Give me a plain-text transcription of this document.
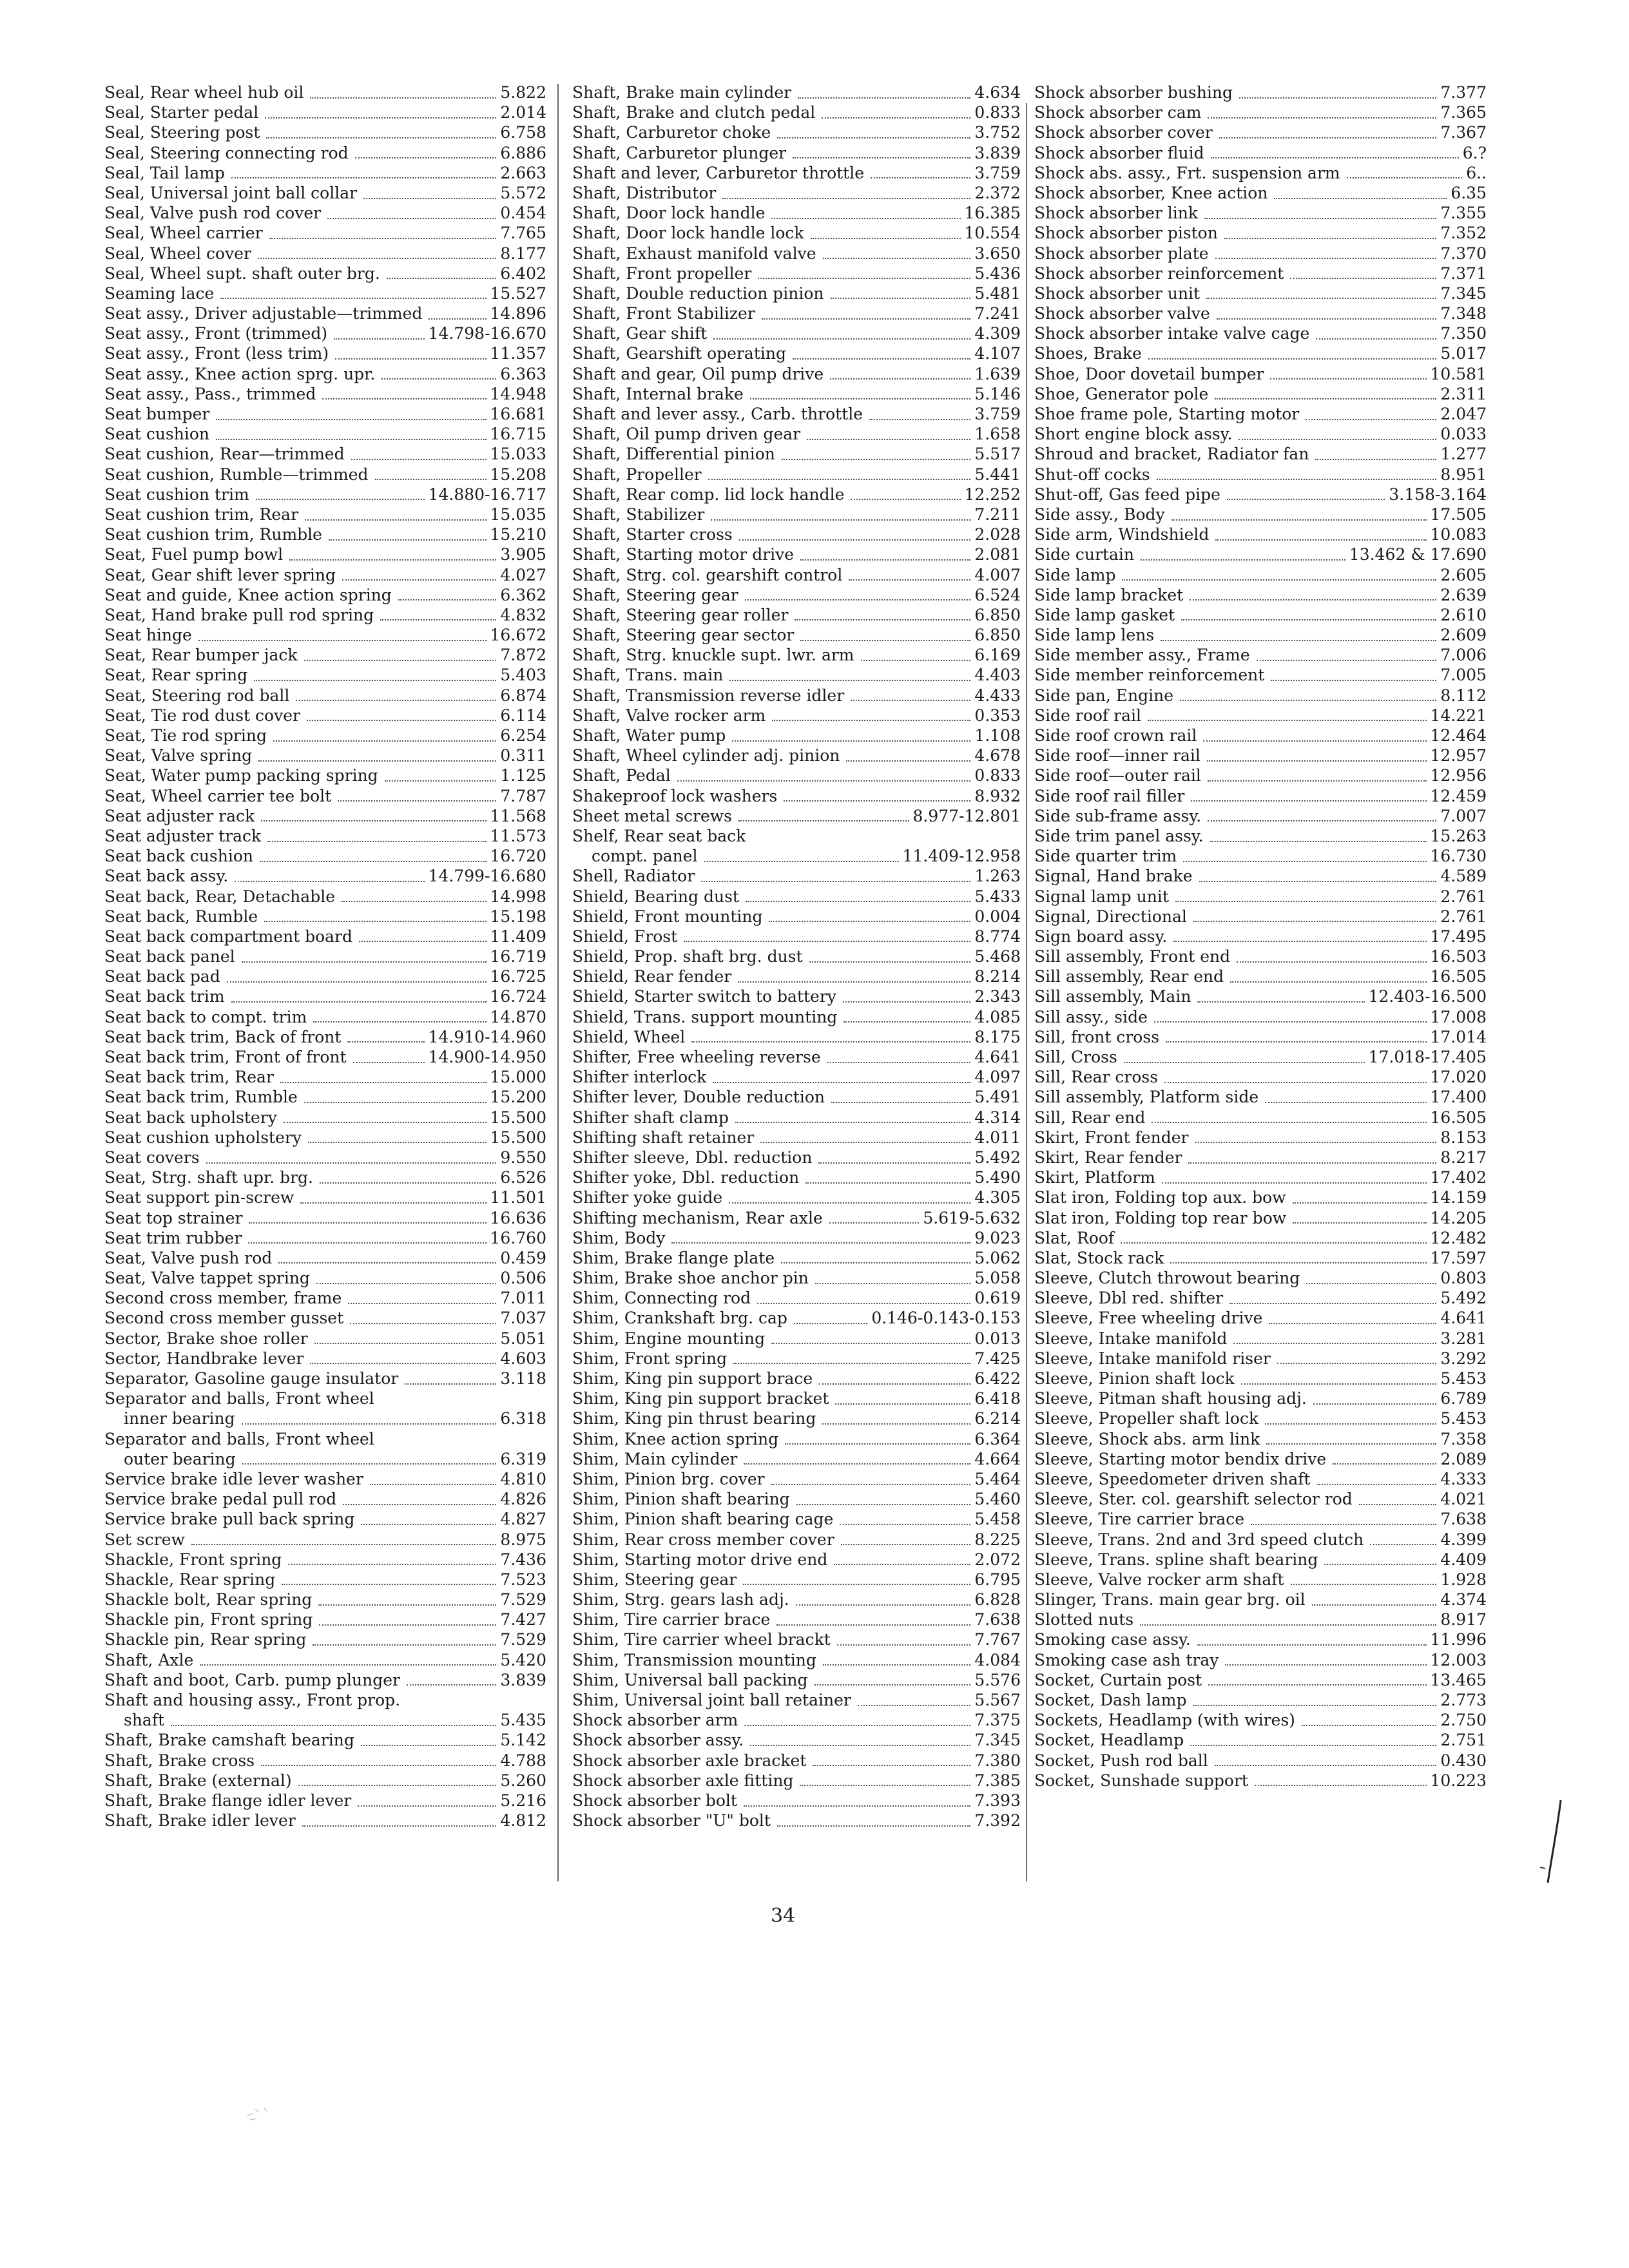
Seal, Rear wheel hub oil	5.822
Seal, Starter pedal	2.014
Seal, Steering post	6.758
Seal, Steering connecting rod	6.886
Seal, Tail lamp	2.663
Seal, Universal joint ball collar	5.572
Seal, Valve push rod cover	0.454
Seal, Wheel carrier	7.765
Seal, Wheel cover	8.177
Seal, Wheel supt. shaft outer brg.	6.402
Seaming lace	15.527
Seat assy., Driver adjustable—trimmed	14.896
Seat assy., Front (trimmed)	14.798-16.670
Seat assy., Front (less trim)	11.357
Seat assy., Knee action sprg. upr.	6.363
Seat assy., Pass., trimmed	14.948
Seat bumper	16.681
Seat cushion	16.715
Seat cushion, Rear—trimmed	15.033
Seat cushion, Rumble—trimmed	15.208
Seat cushion trim	14.880-16.717
Seat cushion trim, Rear	15.035
Seat cushion trim, Rumble	15.210
Seat, Fuel pump bowl	3.905
Seat, Gear shift lever spring	4.027
Seat and guide, Knee action spring	6.362
Seat, Hand brake pull rod spring	4.832
Seat hinge	16.672
Seat, Rear bumper jack	7.872
Seat, Rear spring	5.403
Seat, Steering rod ball	6.874
Seat, Tie rod dust cover	6.114
Seat, Tie rod spring	6.254
Seat, Valve spring	0.311
Seat, Water pump packing spring	1.125
Seat, Wheel carrier tee bolt	7.787
Seat adjuster rack	11.568
Seat adjuster track	11.573
Seat back cushion	16.720
Seat back assy.	14.799-16.680
Seat back, Rear, Detachable	14.998
Seat back, Rumble	15.198
Seat back compartment board	11.409
Seat back panel	16.719
Seat back pad	16.725
Seat back trim	16.724
Seat back to compt. trim	14.870
Seat back trim, Back of front	14.910-14.960
Seat back trim, Front of front	14.900-14.950
Seat back trim, Rear	15.000
Seat back trim, Rumble	15.200
Seat back upholstery	15.500
Seat cushion upholstery	15.500
Seat covers	9.550
Seat, Strg. shaft upr. brg.	6.526
Seat support pin-screw	11.501
Seat top strainer	16.636
Seat trim rubber	16.760
Seat, Valve push rod	0.459
Seat, Valve tappet spring	0.506
Second cross member, frame	7.011
Second cross member gusset	7.037
Sector, Brake shoe roller	5.051
Sector, Handbrake lever	4.603
Separator, Gasoline gauge insulator	3.118
Separator and balls, Front wheel
inner bearing	6.318
Separator and balls, Front wheel
outer bearing	6.319
Service brake idle lever washer	4.810
Service brake pedal pull rod	4.826
Service brake pull back spring	4.827
Set screw	8.975
Shackle, Front spring	7.436
Shackle, Rear spring	7.523
Shackle bolt, Rear spring	7.529
Shackle pin, Front spring	7.427
Shackle pin, Rear spring	7.529
Shaft, Axle	5.420
Shaft and boot, Carb. pump plunger	3.839
Shaft and housing assy., Front prop.
shaft	5.435
Shaft, Brake camshaft bearing	5.142
Shaft, Brake cross	4.788
Shaft, Brake (external)	5.260
Shaft, Brake flange idler lever	5.216
Shaft, Brake idler lever	4.812
Shaft, Brake main cylinder	4.634
Shaft, Brake and clutch pedal	0.833
Shaft, Carburetor choke	3.752
Shaft, Carburetor plunger	3.839
Shaft and lever, Carburetor throttle	3.759
Shaft, Distributor	2.372
Shaft, Door lock handle	16.385
Shaft, Door lock handle lock	10.554
Shaft, Exhaust manifold valve	3.650
Shaft, Front propeller	5.436
Shaft, Double reduction pinion	5.481
Shaft, Front Stabilizer	7.241
Shaft, Gear shift	4.309
Shaft, Gearshift operating	4.107
Shaft and gear, Oil pump drive	1.639
Shaft, Internal brake	5.146
Shaft and lever assy., Carb. throttle	3.759
Shaft, Oil pump driven gear	1.658
Shaft, Differential pinion	5.517
Shaft, Propeller	5.441
Shaft, Rear comp. lid lock handle	12.252
Shaft, Stabilizer	7.211
Shaft, Starter cross	2.028
Shaft, Starting motor drive	2.081
Shaft, Strg. col. gearshift control	4.007
Shaft, Steering gear	6.524
Shaft, Steering gear roller	6.850
Shaft, Steering gear sector	6.850
Shaft, Strg. knuckle supt. lwr. arm	6.169
Shaft, Trans. main	4.403
Shaft, Transmission reverse idler	4.433
Shaft, Valve rocker arm	0.353
Shaft, Water pump	1.108
Shaft, Wheel cylinder adj. pinion	4.678
Shaft, Pedal	0.833
Shakeproof lock washers	8.932
Sheet metal screws	8.977-12.801
Shelf, Rear seat back
compt. panel	11.409-12.958
Shell, Radiator	1.263
Shield, Bearing dust	5.433
Shield, Front mounting	0.004
Shield, Frost	8.774
Shield, Prop. shaft brg. dust	5.468
Shield, Rear fender	8.214
Shield, Starter switch to battery	2.343
Shield, Trans. support mounting	4.085
Shield, Wheel	8.175
Shifter, Free wheeling reverse	4.641
Shifter interlock	4.097
Shifter lever, Double reduction	5.491
Shifter shaft clamp	4.314
Shifting shaft retainer	4.011
Shifter sleeve, Dbl. reduction	5.492
Shifter yoke, Dbl. reduction	5.490
Shifter yoke guide	4.305
Shifting mechanism, Rear axle	5.619-5.632
Shim, Body	9.023
Shim, Brake flange plate	5.062
Shim, Brake shoe anchor pin	5.058
Shim, Connecting rod	0.619
Shim, Crankshaft brg. cap	0.146-0.143-0.153
Shim, Engine mounting	0.013
Shim, Front spring	7.425
Shim, King pin support brace	6.422
Shim, King pin support bracket	6.418
Shim, King pin thrust bearing	6.214
Shim, Knee action spring	6.364
Shim, Main cylinder	4.664
Shim, Pinion brg. cover	5.464
Shim, Pinion shaft bearing	5.460
Shim, Pinion shaft bearing cage	5.458
Shim, Rear cross member cover	8.225
Shim, Starting motor drive end	2.072
Shim, Steering gear	6.795
Shim, Strg. gears lash adj.	6.828
Shim, Tire carrier brace	7.638
Shim, Tire carrier wheel brackt	7.767
Shim, Transmission mounting	4.084
Shim, Universal ball packing	5.576
Shim, Universal joint ball retainer	5.567
Shock absorber arm	7.375
Shock absorber assy.	7.345
Shock absorber axle bracket	7.380
Shock absorber axle fitting	7.385
Shock absorber bolt	7.393
Shock absorber "U" bolt	7.392
Shock absorber bushing	7.377
Shock absorber cam	7.365
Shock absorber cover	7.367
Shock absorber fluid	6.?
Shock abs. assy., Frt. suspension arm	6..
Shock absorber, Knee action	6.35
Shock absorber link	7.355
Shock absorber piston	7.352
Shock absorber plate	7.370
Shock absorber reinforcement	7.371
Shock absorber unit	7.345
Shock absorber valve	7.348
Shock absorber intake valve cage	7.350
Shoes, Brake	5.017
Shoe, Door dovetail bumper	10.581
Shoe, Generator pole	2.311
Shoe frame pole, Starting motor	2.047
Short engine block assy.	0.033
Shroud and bracket, Radiator fan	1.277
Shut-off cocks	8.951
Shut-off, Gas feed pipe	3.158-3.164
Side assy., Body	17.505
Side arm, Windshield	10.083
Side curtain	13.462 & 17.690
Side lamp	2.605
Side lamp bracket	2.639
Side lamp gasket	2.610
Side lamp lens	2.609
Side member assy., Frame	7.006
Side member reinforcement	7.005
Side pan, Engine	8.112
Side roof rail	14.221
Side roof crown rail	12.464
Side roof—inner rail	12.957
Side roof—outer rail	12.956
Side roof rail filler	12.459
Side sub-frame assy.	7.007
Side trim panel assy.	15.263
Side quarter trim	16.730
Signal, Hand brake	4.589
Signal lamp unit	2.761
Signal, Directional	2.761
Sign board assy.	17.495
Sill assembly, Front end	16.503
Sill assembly, Rear end	16.505
Sill assembly, Main	12.403-16.500
Sill assy., side	17.008
Sill, front cross	17.014
Sill, Cross	17.018-17.405
Sill, Rear cross	17.020
Sill assembly, Platform side	17.400
Sill, Rear end	16.505
Skirt, Front fender	8.153
Skirt, Rear fender	8.217
Skirt, Platform	17.402
Slat iron, Folding top aux. bow	14.159
Slat iron, Folding top rear bow	14.205
Slat, Roof	12.482
Slat, Stock rack	17.597
Sleeve, Clutch throwout bearing	0.803
Sleeve, Dbl red. shifter	5.492
Sleeve, Free wheeling drive	4.641
Sleeve, Intake manifold	3.281
Sleeve, Intake manifold riser	3.292
Sleeve, Pinion shaft lock	5.453
Sleeve, Pitman shaft housing adj.	6.789
Sleeve, Propeller shaft lock	5.453
Sleeve, Shock abs. arm link	7.358
Sleeve, Starting motor bendix drive	2.089
Sleeve, Speedometer driven shaft	4.333
Sleeve, Ster. col. gearshift selector rod	4.021
Sleeve, Tire carrier brace	7.638
Sleeve, Trans. 2nd and 3rd speed clutch	4.399
Sleeve, Trans. spline shaft bearing	4.409
Sleeve, Valve rocker arm shaft	1.928
Slinger, Trans. main gear brg. oil	4.374
Slotted nuts	8.917
Smoking case assy.	11.996
Smoking case ash tray	12.003
Socket, Curtain post	13.465
Socket, Dash lamp	2.773
Sockets, Headlamp (with wires)	2.750
Socket, Headlamp	2.751
Socket, Push rod ball	0.430
Socket, Sunshade support	10.223
34
